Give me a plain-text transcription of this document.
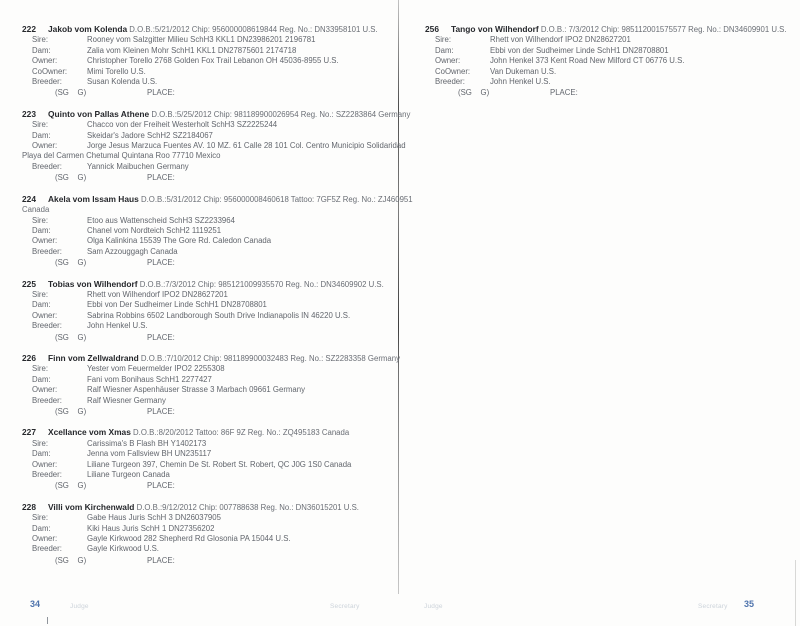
222 Jakob vom Kolenda D.O.B.:5/21/2012 Chip: 956000008619844 Reg. No.: DN33958101 U.S.
Sire:	Rooney vom Salzgitter Milieu SchH3 KKL1 DN23986201 2196781
Dam:	Zalia vom Kleinen Mohr SchH1 KKL1 DN27875601 2174718
Owner:	Christopher Torello 2768 Golden Fox Trail Lebanon OH 45036-8955 U.S.
CoOwner:	Mimi Torello U.S.
Breeder:	Susan Kolenda U.S.
(SG    G)	PLACE:
223 Quinto von Pallas Athene D.O.B.:5/25/2012 Chip: 981189900026954 Reg. No.: SZ2283864 Germany
Sire:	Chacco von der Freiheit Westerholt SchH3 SZ2225244
Dam:	Skeidar's Jadore SchH2 SZ2184067
Owner:	Jorge Jesus Marzuca Fuentes AV. 10 MZ. 61 Calle 28 101 Col. Centro Municipio Solidaridad
Playa del Carmen Chetumal Quintana Roo 77710 Mexico
Breeder:	Yannick Maibuchen Germany
(SG    G)	PLACE:
224 Akela vom Issam Haus D.O.B.:5/31/2012 Chip: 956000008460618 Tattoo: 7GF5Z Reg. No.: ZJ460951
Canada
Sire:	Etoo aus Wattenscheid SchH3 SZ2233964
Dam:	Chanel vom Nordteich SchH2 1119251
Owner:	Olga Kalinkina 15539 The Gore Rd. Caledon Canada
Breeder:	Sam Azzouggagh Canada
(SG    G)	PLACE:
225 Tobias von Wilhendorf D.O.B.:7/3/2012 Chip: 985121009935570 Reg. No.: DN34609902 U.S.
Sire:	Rhett von Wilhendorf IPO2 DN28627201
Dam:	Ebbi von Der Sudheimer Linde SchH1 DN28708801
Owner:	Sabrina Robbins 6502 Landborough South Drive Indianapolis IN 46220 U.S.
Breeder:	John Henkel U.S.
(SG    G)	PLACE:
226 Finn vom Zellwaldrand D.O.B.:7/10/2012 Chip: 981189900032483 Reg. No.: SZ2283358 Germany
Sire:	Yester vom Feuermelder IPO2 2255308
Dam:	Fani vom Bonihaus SchH1 2277427
Owner:	Ralf Wiesner Aspenhäuser Strasse 3 Marbach 09661 Germany
Breeder:	Ralf Wiesner Germany
(SG    G)	PLACE:
227 Xcellance vom Xmas D.O.B.:8/20/2012 Tattoo: 86F 9Z Reg. No.: ZQ495183 Canada
Sire:	Carissima's B Flash BH Y1402173
Dam:	Jenna vom Fallsview BH UN235117
Owner:	Liliane Turgeon 397, Chemin De St. Robert St. Robert, QC J0G 1S0 Canada
Breeder:	Liliane Turgeon Canada
(SG    G)	PLACE:
228 Villi vom Kirchenwald D.O.B.:9/12/2012 Chip: 007788638 Reg. No.: DN36015201 U.S.
Sire:	Gabe Haus Juris SchH 3 DN26037905
Dam:	Kiki Haus Juris SchH 1 DN27356202
Owner:	Gayle Kirkwood 282 Shepherd Rd Glosonia PA 15044 U.S.
Breeder:	Gayle Kirkwood U.S.
(SG    G)	PLACE:
256 Tango von Wilhendorf D.O.B.: 7/3/2012 Chip: 985112001575577 Reg. No.: DN34609901 U.S.
Sire:	Rhett von Wilhendorf IPO2 DN28627201
Dam:	Ebbi von der Sudheimer Linde SchH1 DN28708801
Owner:	John Henkel 373 Kent Road New Milford CT 06776 U.S.
CoOwner:	Van Dukeman U.S.
Breeder:	John Henkel U.S.
(SG    G)	PLACE:
34	Judge	Secretary	Judge	Secretary 35
